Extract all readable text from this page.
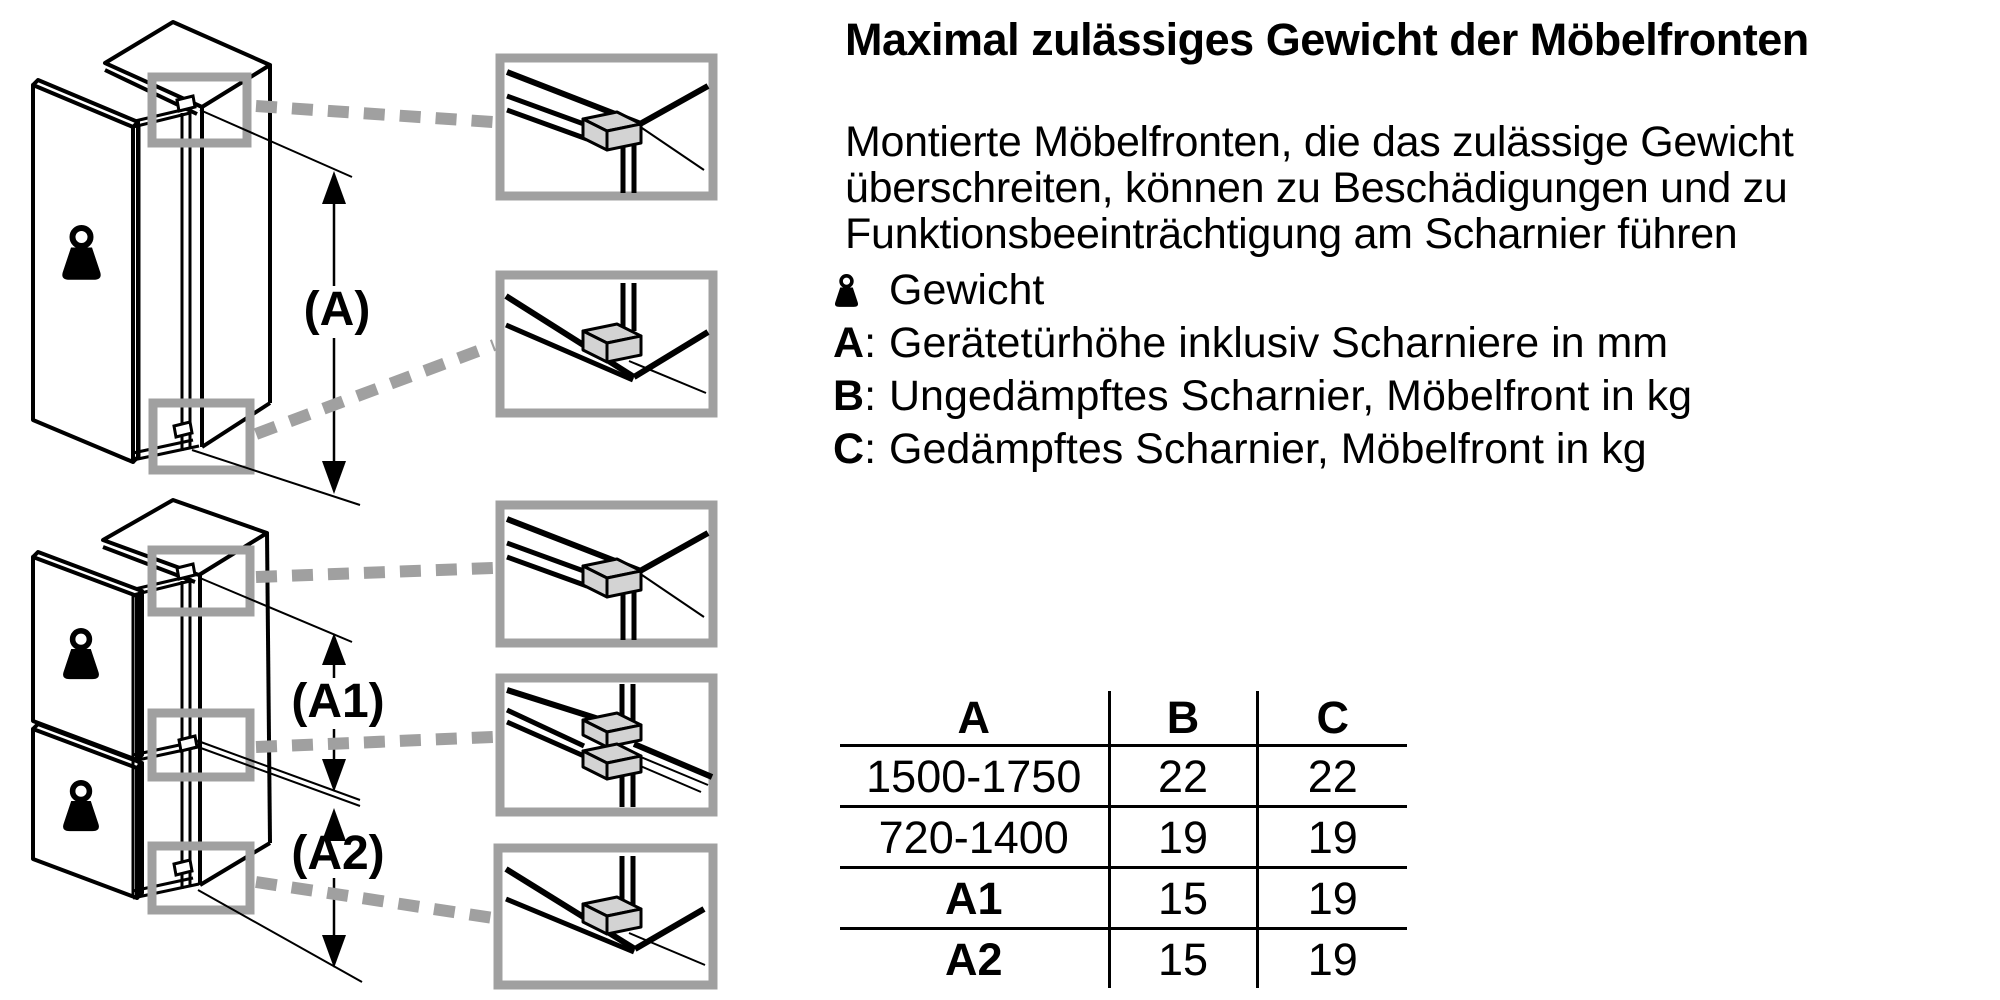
(A)
(A1)
(A2)
Maximal zulässiges Gewicht der Möbelfronten

Montierte Möbelfronten, die das zulässige Gewicht überschreiten, können zu Beschädigungen und zu Funktionsbeeinträchtigung am Scharnier führen

Gewicht
A: Gerätetürhöhe inklusiv Scharniere in mm
B: Ungedämpftes Scharnier, Möbelfront in kg
C: Gedämpftes Scharnier, Möbelfront in kg
A	B	C
1500-1750	22	22
720-1400	19	19
A1	15	19
A2	15	19
